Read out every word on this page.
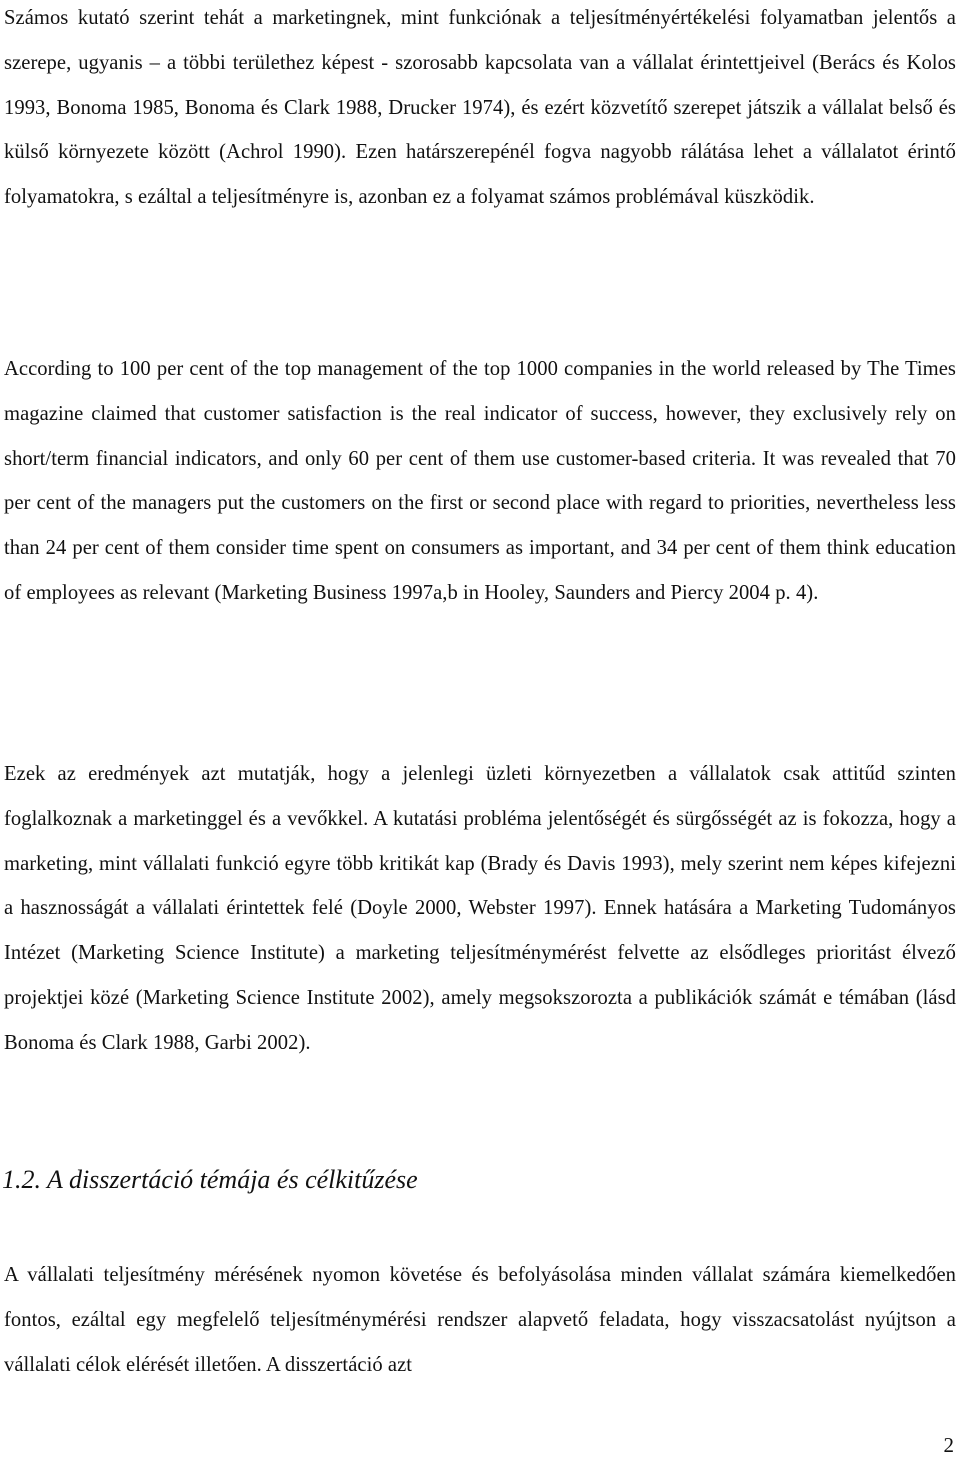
Számos kutató szerint tehát a marketingnek, mint funkciónak a teljesítményértékelési folyamatban jelentős a szerepe, ugyanis – a többi területhez képest - szorosabb kapcsolata van a vállalat érintettjeivel (Berács és Kolos 1993, Bonoma 1985, Bonoma és Clark 1988, Drucker 1974), és ezért közvetítő szerepet játszik a vállalat belső és külső környezete között (Achrol 1990). Ezen határszerepénél fogva nagyobb rálátása lehet a vállalatot érintő folyamatokra, s ezáltal a teljesítményre is, azonban ez a folyamat számos problémával küszködik.

According to 100 per cent of the top management of the top 1000 companies in the world released by The Times magazine claimed that customer satisfaction is the real indicator of success, however, they exclusively rely on short/term financial indicators, and only 60 per cent of them use customer-based criteria. It was revealed that 70 per cent of the managers put the customers on the first or second place with regard to priorities, nevertheless less than 24 per cent of them consider time spent on consumers as important, and 34 per cent of them think education of employees as relevant (Marketing Business 1997a,b in Hooley, Saunders and Piercy 2004 p. 4).

Ezek az eredmények azt mutatják, hogy a jelenlegi üzleti környezetben a vállalatok csak attitűd szinten foglalkoznak a marketinggel és a vevőkkel. A kutatási probléma jelentőségét és sürgősségét az is fokozza, hogy a marketing, mint vállalati funkció egyre több kritikát kap (Brady és Davis 1993), mely szerint nem képes kifejezni a hasznosságát a vállalati érintettek felé (Doyle 2000, Webster 1997). Ennek hatására a Marketing Tudományos Intézet (Marketing Science Institute) a marketing teljesítménymérést felvette az elsődleges prioritást élvező projektjei közé (Marketing Science Institute 2002), amely megsokszorozta a publikációk számát e témában (lásd Bonoma és Clark 1988, Garbi 2002).

1.2. A disszertáció témája és célkitűzése

A vállalati teljesítmény mérésének nyomon követése és befolyásolása minden vállalat számára kiemelkedően fontos, ezáltal egy megfelelő teljesítménymérési rendszer alapvető feladata, hogy visszacsatolást nyújtson a vállalati célok elérését illetően. A disszertáció azt

2
